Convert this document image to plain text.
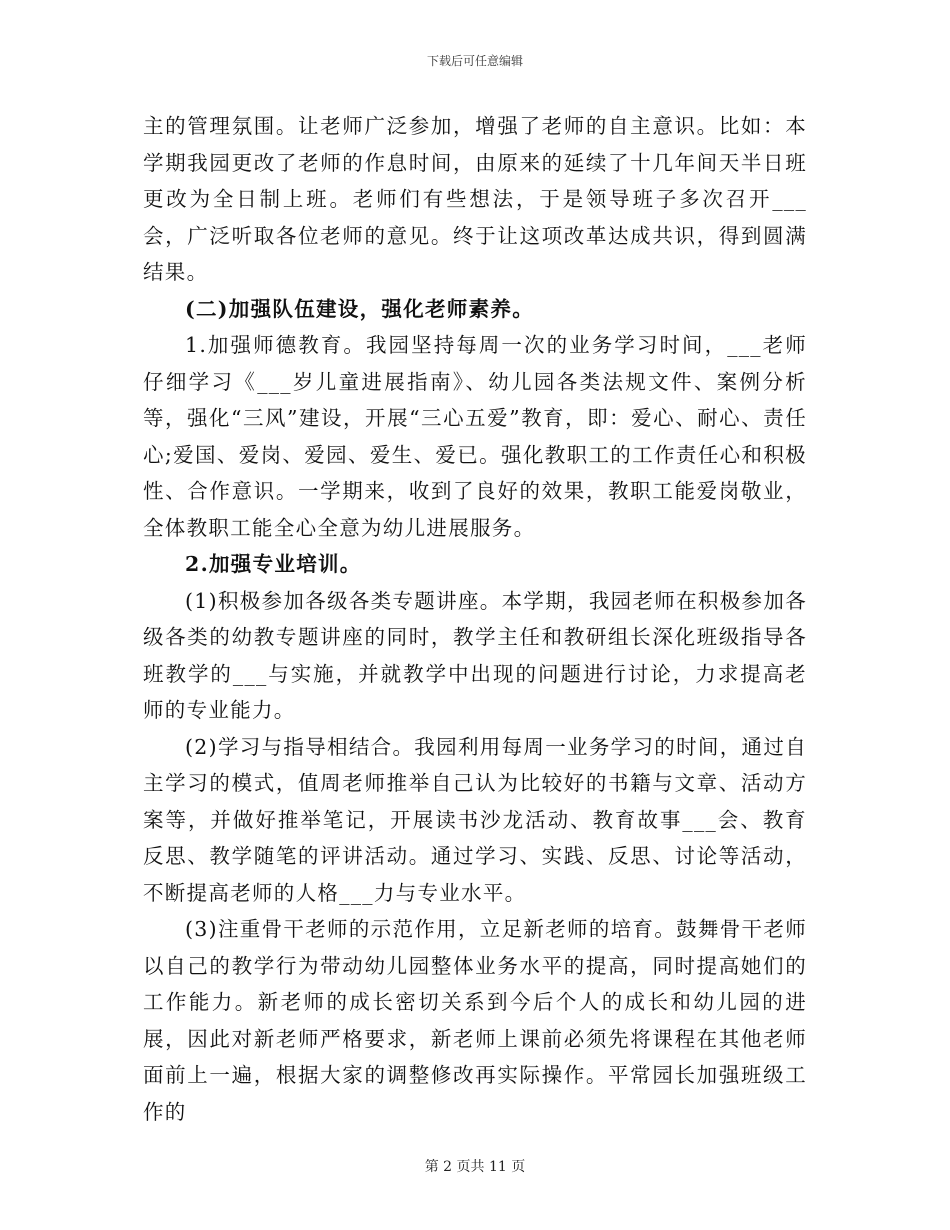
下载后可任意编辑

主的管理氛围。让老师广泛参加，增强了老师的自主意识。比如：本学期我园更改了老师的作息时间，由原来的延续了十几年间天半日班更改为全日制上班。老师们有些想法，于是领导班子多次召开___会，广泛听取各位老师的意见。终于让这项改革达成共识，得到圆满结果。

(二)加强队伍建设，强化老师素养。

1.加强师德教育。我园坚持每周一次的业务学习时间，___老师仔细学习《___岁儿童进展指南》、幼儿园各类法规文件、案例分析等，强化“三风”建设，开展“三心五爱”教育，即：爱心、耐心、责任心;爱国、爱岗、爱园、爱生、爱已。强化教职工的工作责任心和积极性、合作意识。一学期来，收到了良好的效果，教职工能爱岗敬业，全体教职工能全心全意为幼儿进展服务。

2.加强专业培训。

(1)积极参加各级各类专题讲座。本学期，我园老师在积极参加各级各类的幼教专题讲座的同时，教学主任和教研组长深化班级指导各班教学的___与实施，并就教学中出现的问题进行讨论，力求提高老师的专业能力。

(2)学习与指导相结合。我园利用每周一业务学习的时间，通过自主学习的模式，值周老师推举自己认为比较好的书籍与文章、活动方案等，并做好推举笔记，开展读书沙龙活动、教育故事___会、教育反思、教学随笔的评讲活动。通过学习、实践、反思、讨论等活动，不断提高老师的人格___力与专业水平。

(3)注重骨干老师的示范作用，立足新老师的培育。鼓舞骨干老师以自己的教学行为带动幼儿园整体业务水平的提高，同时提高她们的工作能力。新老师的成长密切关系到今后个人的成长和幼儿园的进展，因此对新老师严格要求，新老师上课前必须先将课程在其他老师面前上一遍，根据大家的调整修改再实际操作。平常园长加强班级工作的

第 2 页共 11 页
